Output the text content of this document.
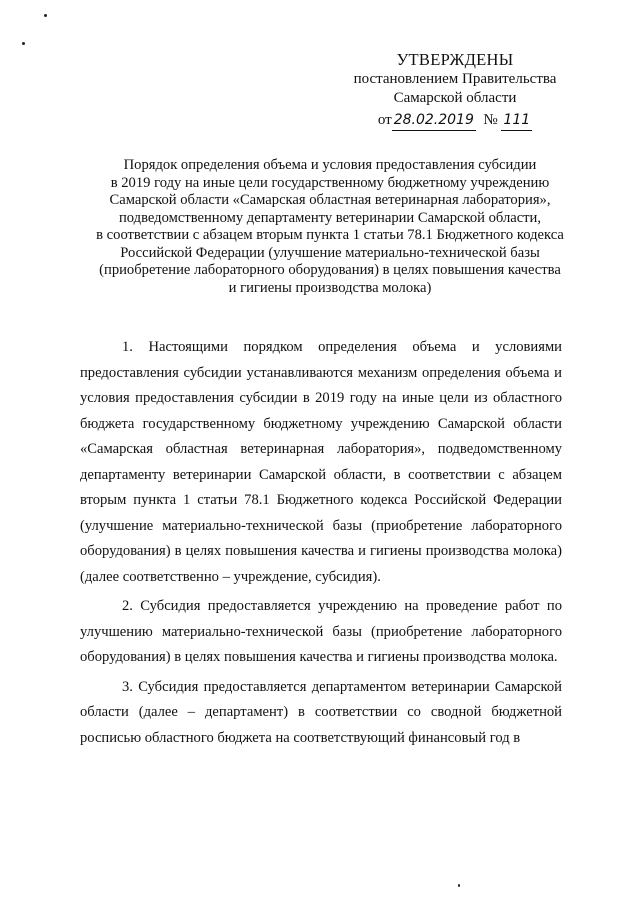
УТВЕРЖДЕНЫ
постановлением Правительства
Самарской области
от 28.02.2019 № 111
Порядок определения объема и условия предоставления субсидии
в 2019 году на иные цели государственному бюджетному учреждению
Самарской области «Самарская областная ветеринарная лаборатория»,
подведомственному департаменту ветеринарии Самарской области,
в соответствии с абзацем вторым пункта 1 статьи 78.1 Бюджетного кодекса
Российской Федерации (улучшение материально-технической базы
(приобретение лабораторного оборудования) в целях повышения качества
и гигиены производства молока)

1. Настоящими порядком определения объема и условиями предоставления субсидии устанавливаются механизм определения объема и условия предоставления субсидии в 2019 году на иные цели из областного бюджета государственному бюджетному учреждению Самарской области «Самарская областная ветеринарная лаборатория», подведомственному департаменту ветеринарии Самарской области, в соответствии с абзацем вторым пункта 1 статьи 78.1 Бюджетного кодекса Российской Федерации (улучшение материально-технической базы (приобретение лабораторного оборудования) в целях повышения качества и гигиены производства молока) (далее соответственно – учреждение, субсидия).

2. Субсидия предоставляется учреждению на проведение работ по улучшению материально-технической базы (приобретение лабораторного оборудования) в целях повышения качества и гигиены производства молока.

3. Субсидия предоставляется департаментом ветеринарии Самарской области (далее – департамент) в соответствии со сводной бюджетной росписью областного бюджета на соответствующий финансовый год в
